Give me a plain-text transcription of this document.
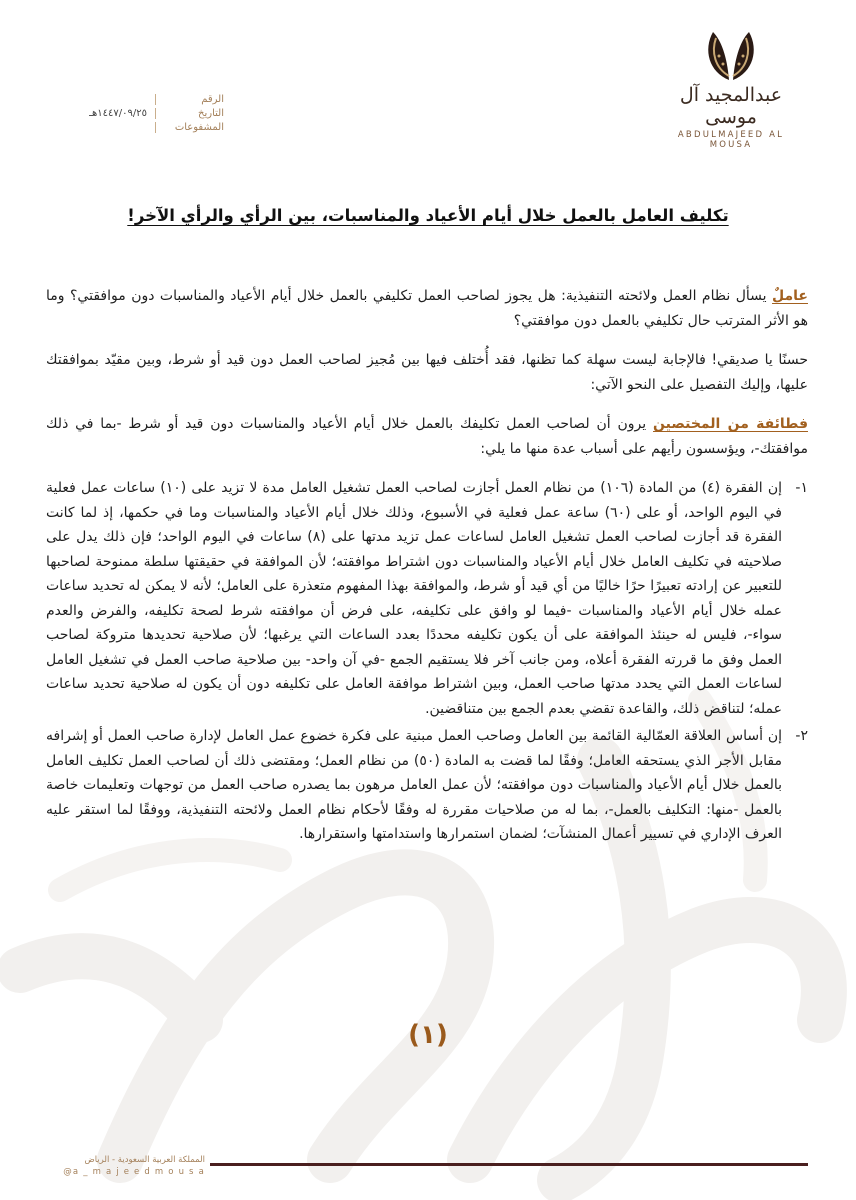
عبدالمجيد آل موسى
ABDULMAJEED AL MOUSA
الرقم
التاريخ
١٤٤٧/٠٩/٢٥هـ
المشفوعات
تكليف العامل بالعمل خلال أيام الأعياد والمناسبات، بين الرأي والرأي الآخر!

عاملٌ يسأل نظام العمل ولائحته التنفيذية: هل يجوز لصاحب العمل تكليفي بالعمل خلال أيام الأعياد والمناسبات دون موافقتي؟ وما هو الأثر المترتب حال تكليفي بالعمل دون موافقتي؟

حسنًا يا صديقي! فالإجابة ليست سهلة كما تظنها، فقد أُختلف فيها بين مُجيز لصاحب العمل دون قيد أو شرط، وبين مقيّد بموافقتك عليها، وإليك التفصيل على النحو الآتي:

فطائفة من المختصين يرون أن لصاحب العمل تكليفك بالعمل خلال أيام الأعياد والمناسبات دون قيد أو شرط -بما في ذلك موافقتك-، ويؤسسون رأيهم على أسباب عدة منها ما يلي:

١-
إن الفقرة (٤) من المادة (١٠٦) من نظام العمل أجازت لصاحب العمل تشغيل العامل مدة لا تزيد على (١٠) ساعات عمل فعلية في اليوم الواحد، أو على (٦٠) ساعة عمل فعلية في الأسبوع، وذلك خلال أيام الأعياد والمناسبات وما في حكمها، إذ لما كانت الفقرة قد أجازت لصاحب العمل تشغيل العامل لساعات عمل تزيد مدتها على (٨) ساعات في اليوم الواحد؛ فإن ذلك يدل على صلاحيته في تكليف العامل خلال أيام الأعياد والمناسبات دون اشتراط موافقته؛ لأن الموافقة في حقيقتها سلطة ممنوحة لصاحبها للتعبير عن إرادته تعبيرًا حرًا خاليًا من أي قيد أو شرط، والموافقة بهذا المفهوم متعذرة على العامل؛ لأنه لا يمكن له تحديد ساعات عمله خلال أيام الأعياد والمناسبات -فيما لو وافق على تكليفه، على فرض أن موافقته شرط لصحة تكليفه، والفرض والعدم سواء-، فليس له حينئذ الموافقة على أن يكون تكليفه محددًا بعدد الساعات التي يرغبها؛ لأن صلاحية تحديدها متروكة لصاحب العمل وفق ما قررته الفقرة أعلاه، ومن جانب آخر فلا يستقيم الجمع -في آن واحد- بين صلاحية صاحب العمل في تشغيل العامل لساعات العمل التي يحدد مدتها صاحب العمل، وبين اشتراط موافقة العامل على تكليفه دون أن يكون له صلاحية تحديد ساعات عمله؛ لتناقض ذلك، والقاعدة تقضي بعدم الجمع بين متناقضين.
٢-
إن أساس العلاقة العمّالية القائمة بين العامل وصاحب العمل مبنية على فكرة خضوع عمل العامل لإدارة صاحب العمل أو إشرافه مقابل الأجر الذي يستحقه العامل؛ وفقًا لما قضت به المادة (٥٠) من نظام العمل؛ ومقتضى ذلك أن لصاحب العمل تكليف العامل بالعمل خلال أيام الأعياد والمناسبات دون موافقته؛ لأن عمل العامل مرهون بما يصدره صاحب العمل من توجهات وتعليمات خاصة بالعمل -منها: التكليف بالعمل-، بما له من صلاحيات مقررة له وفقًا لأحكام نظام العمل ولائحته التنفيذية، ووفقًا لما استقر عليه العرف الإداري في تسيير أعمال المنشآت؛ لضمان استمرارها واستدامتها واستقرارها.
(١)
المملكة العربية السعودية - الرياض
@a _ m a j e e d m o u s a
